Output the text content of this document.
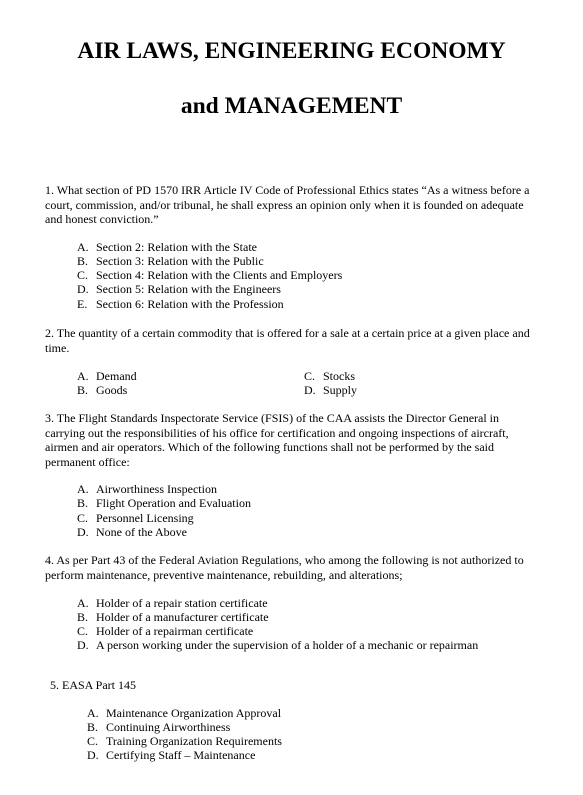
AIR LAWS, ENGINEERING ECONOMY
and MANAGEMENT
1. What section of PD 1570 IRR Article IV Code of Professional Ethics states “As a witness before a court, commission, and/or tribunal, he shall express an opinion only when it is founded on adequate and honest conviction.”
A. Section 2: Relation with the State
B. Section 3: Relation with the Public
C. Section 4: Relation with the Clients and Employers
D. Section 5: Relation with the Engineers
E. Section 6: Relation with the Profession
2. The quantity of a certain commodity that is offered for a sale at a certain price at a given place and time.
A. Demand
B. Goods
C. Stocks
D. Supply
3. The Flight Standards Inspectorate Service (FSIS) of the CAA assists the Director General in carrying out the responsibilities of his office for certification and ongoing inspections of aircraft, airmen and air operators. Which of the following functions shall not be performed by the said permanent office:
A. Airworthiness Inspection
B. Flight Operation and Evaluation
C. Personnel Licensing
D. None of the Above
4. As per Part 43 of the Federal Aviation Regulations, who among the following is not authorized to perform maintenance, preventive maintenance, rebuilding, and alterations;
A. Holder of a repair station certificate
B. Holder of a manufacturer certificate
C. Holder of a repairman certificate
D. A person working under the supervision of a holder of a mechanic or repairman
5. EASA Part 145
A. Maintenance Organization Approval
B. Continuing Airworthiness
C. Training Organization Requirements
D. Certifying Staff – Maintenance
